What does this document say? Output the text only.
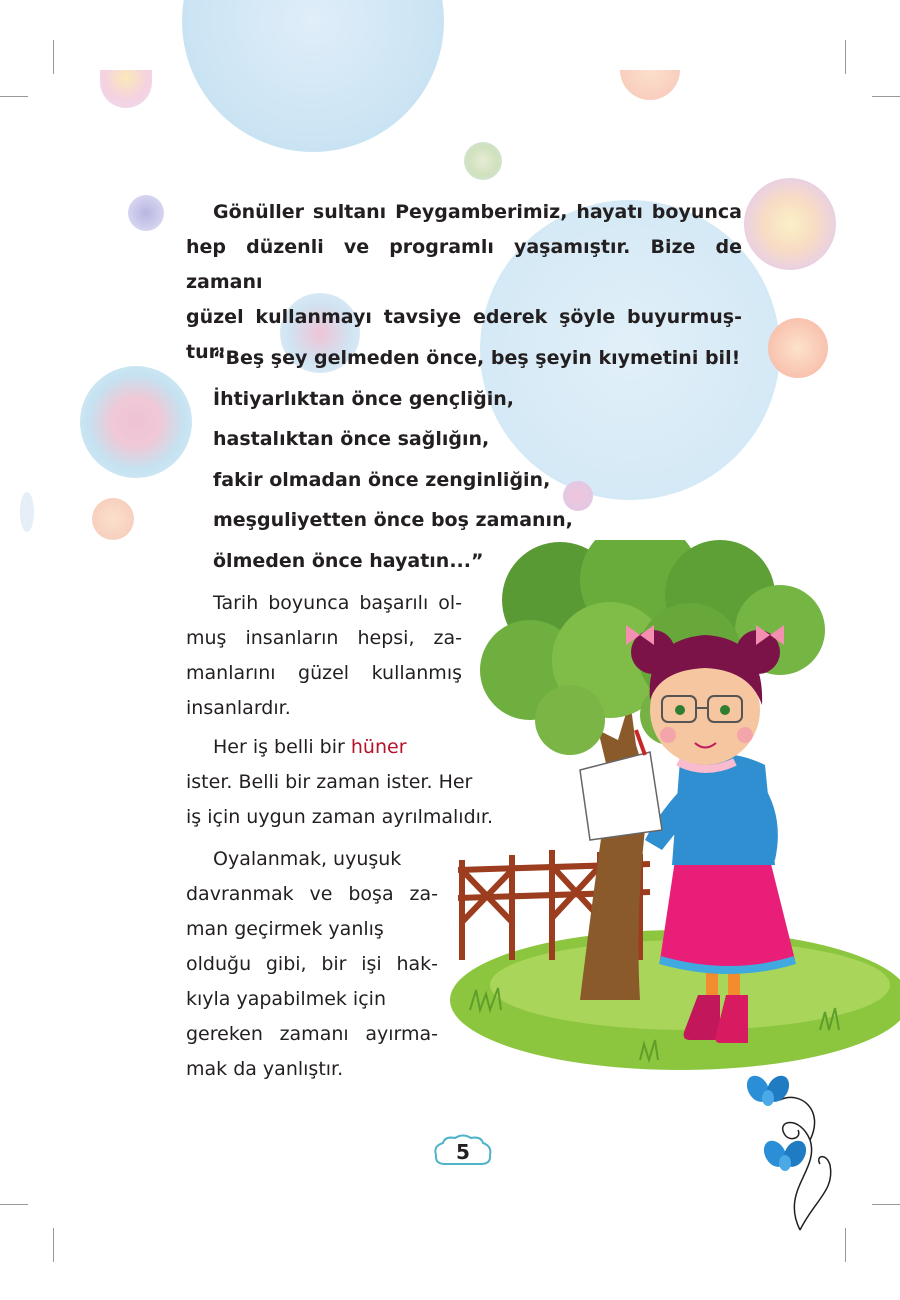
Gönüller sultanı Peygamberimiz, hayatı boyunca

hep düzenli ve programlı yaşamıştır. Bize de zamanı

güzel kullanmayı tavsiye ederek şöyle buyurmuş-

tur:

“Beş şey gelmeden önce, beş şeyin kıymetini bil!

İhtiyarlıktan önce gençliğin,

hastalıktan önce sağlığın,

fakir olmadan önce zenginliğin,

meşguliyetten önce boş zamanın,

ölmeden önce hayatın...”

Tarih boyunca başarılı ol-

muş insanların hepsi, za-

manlarını güzel kullanmış

insanlardır.

Her iş belli bir hüner

ister. Belli bir zaman ister. Her

iş için uygun zaman ayrılmalıdır.

Oyalanmak, uyuşuk

davranmak ve boşa za-

man geçirmek yanlış

olduğu gibi, bir işi hak-

kıyla yapabilmek için

gereken zamanı ayırma-

mak da yanlıştır.

5
